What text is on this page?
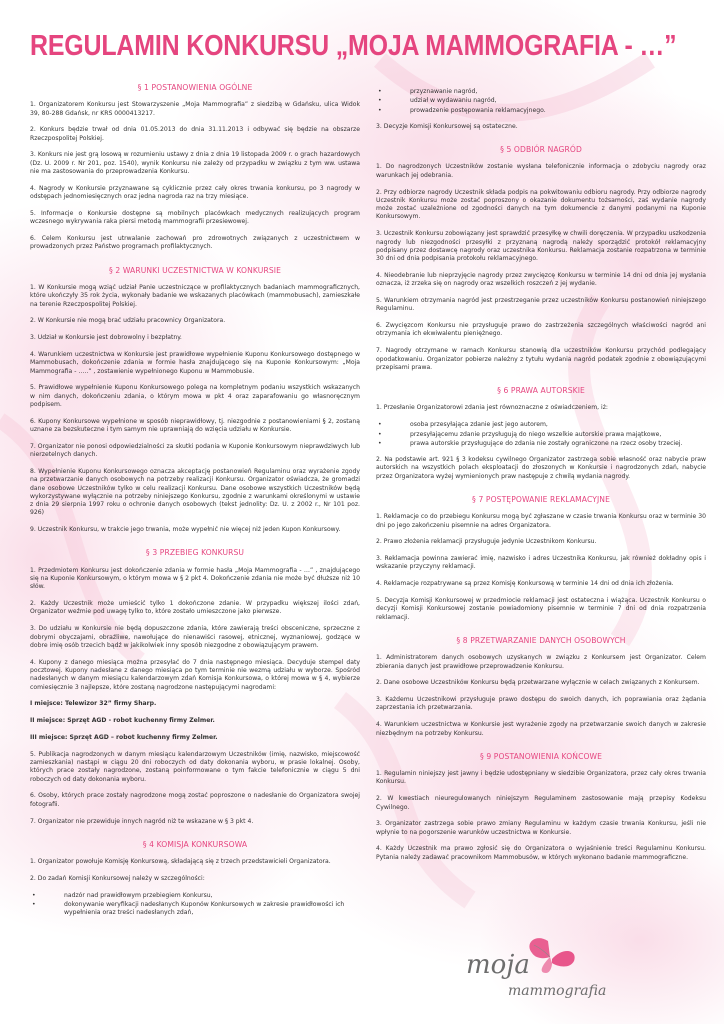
REGULAMIN KONKURSU „MOJA MAMMOGRAFIA - …”
§ 1 POSTANOWIENIA OGÓLNE
1. Organizatorem Konkursu jest Stowarzyszenie „Moja Mammografia” z siedzibą w Gdańsku, ulica Widok 39, 80-288 Gdańsk, nr KRS 0000413217.
2. Konkurs będzie trwał od dnia 01.05.2013 do dnia 31.11.2013 i odbywać się będzie na obszarze Rzeczpospolitej Polskiej.
3. Konkurs nie jest grą losową w rozumieniu ustawy z dnia z dnia 19 listopada 2009 r. o grach hazardowych (Dz. U. 2009 r. Nr 201, poz. 1540), wynik Konkursu nie zależy od przypadku w związku z tym ww. ustawa nie ma zastosowania do przeprowadzenia Konkursu.
4. Nagrody w Konkursie przyznawane są cyklicznie przez cały okres trwania konkursu, po 3 nagrody w odstępach jednomiesięcznych oraz jedna nagroda raz na trzy miesiące.
5. Informacje o Konkursie dostępne są mobilnych placówkach medycznych realizujących program wczesnego wykrywania raka piersi metodą mammografii przesiewowej.
6. Celem Konkursu jest utrwalanie zachowań pro zdrowotnych związanych z uczestnictwem w prowadzonych przez Państwo programach profilaktycznych.
§ 2 WARUNKI UCZESTNICTWA W KONKURSIE
1. W Konkursie mogą wziąć udział Panie uczestniczące w profilaktycznych badaniach mammograficznych, które ukończyły 35 rok życia, wykonały badanie we wskazanych placówkach (mammobusach), zamieszkałe na terenie Rzeczpospolitej Polskiej.
2. W Konkursie nie mogą brać udziału pracownicy Organizatora.
3. Udział w Konkursie jest dobrowolny i bezpłatny.
4. Warunkiem uczestnictwa w Konkursie jest prawidłowe wypełnienie Kuponu Konkursowego dostępnego w Mammobusach, dokończenie zdania w formie hasła znajdującego się na Kuponie Konkursowym: „Moja Mammografia - …..” , zostawienie wypełnionego Kuponu w Mammobusie.
5. Prawidłowe wypełnienie Kuponu Konkursowego polega na kompletnym podaniu wszystkich wskazanych w nim danych, dokończeniu zdania, o którym mowa w pkt 4 oraz zaparafowaniu go własnoręcznym podpisem.
6. Kupony Konkursowe wypełnione w sposób nieprawidłowy, tj. niezgodnie z postanowieniami § 2, zostaną uznane za bezskuteczne i tym samym nie uprawniają do wzięcia udziału w Konkursie.
7. Organizator nie ponosi odpowiedzialności za skutki podania w Kuponie Konkursowym nieprawdziwych lub nierzetelnych danych.
8. Wypełnienie Kuponu Konkursowego oznacza akceptację postanowień Regulaminu oraz wyrażenie zgody na przetwarzanie danych osobowych na potrzeby realizacji Konkursu. Organizator oświadcza, że gromadzi dane osobowe Uczestników tylko w celu realizacji Konkursu. Dane osobowe wszystkich Uczestników będą wykorzystywane wyłącznie na potrzeby niniejszego Konkursu, zgodnie z warunkami określonymi w ustawie z dnia 29 sierpnia 1997 roku o ochronie danych osobowych (tekst jednolity: Dz. U. z 2002 r., Nr 101 poz. 926)
9. Uczestnik Konkursu, w trakcie jego trwania, może wypełnić nie więcej niż jeden Kupon Konkursowy.
§ 3 PRZEBIEG KONKURSU
1. Przedmiotem Konkursu jest dokończenie zdania w formie hasła „Moja Mammografia - …” , znajdującego się na Kuponie Konkursowym, o którym mowa w § 2 pkt 4. Dokończenie zdania nie może być dłuższe niż 10 słów.
2. Każdy Uczestnik może umieścić tylko 1 dokończone zdanie. W przypadku większej ilości zdań, Organizator weźmie pod uwagę tylko to, które zostało umieszczone jako pierwsze.
3. Do udziału w Konkursie nie będą dopuszczone zdania, które zawierają treści obsceniczne, sprzeczne z dobrymi obyczajami, obraźliwe, nawołujące do nienawiści rasowej, etnicznej, wyznaniowej, godzące w dobre imię osób trzecich bądź w jakikolwiek inny sposób niezgodne z obowiązującym prawem.
4. Kupony z danego miesiąca można przesyłać do 7 dnia następnego miesiąca. Decyduje stempel daty pocztowej. Kupony nadesłane z danego miesiąca po tym terminie nie wezmą udziału w wyborze. Spośród nadesłanych w danym miesiącu kalendarzowym zdań Komisja Konkursowa, o której mowa w § 4, wybierze comiesięcznie 3 najlepsze, które zostaną nagrodzone następującymi nagrodami:
I miejsce: Telewizor 32” firmy Sharp.
II miejsce: Sprzęt AGD - robot kuchenny firmy Zelmer.
III miejsce: Sprzęt AGD – robot kuchenny firmy Zelmer.
5. Publikacja nagrodzonych w danym miesiącu kalendarzowym Uczestników (imię, nazwisko, miejscowość zamieszkania) nastąpi w ciągu 20 dni roboczych od daty dokonania wyboru, w prasie lokalnej. Osoby, których prace zostały nagrodzone, zostaną poinformowane o tym fakcie telefonicznie w ciągu 5 dni roboczych od daty dokonania wyboru.
6. Osoby, których prace zostały nagrodzone mogą zostać poproszone o nadesłanie do Organizatora swojej fotografii.
7. Organizator nie przewiduje innych nagród niż te wskazane w § 3 pkt 4.
§ 4 KOMISJA KONKURSOWA
1. Organizator powołuje Komisję Konkursową, składającą się z trzech przedstawicieli Organizatora.
2. Do zadań Komisji Konkursowej należy w szczególności:
• nadzór nad prawidłowym przebiegiem Konkursu,
• dokonywanie weryfikacji nadesłanych Kuponów Konkursowych w zakresie prawidłowości ich wypełnienia oraz treści nadesłanych zdań,
• przyznawanie nagród,
• udział w wydawaniu nagród,
• prowadzenie postępowania reklamacyjnego.
3. Decyzje Komisji Konkursowej są ostateczne.
§ 5 ODBIÓR NAGRÓD
1. Do nagrodzonych Uczestników zostanie wysłana telefonicznie informacja o zdobyciu nagrody oraz warunkach jej odebrania.
2. Przy odbiorze nagrody Uczestnik składa podpis na pokwitowaniu odbioru nagrody. Przy odbiorze nagrody Uczestnik Konkursu może zostać poproszony o okazanie dokumentu tożsamości, zaś wydanie nagrody może zostać uzależnione od zgodności danych na tym dokumencie z danymi podanymi na Kuponie Konkursowym.
3. Uczestnik Konkursu zobowiązany jest sprawdzić przesyłkę w chwili doręczenia. W przypadku uszkodzenia nagrody lub niezgodności przesyłki z przyznaną nagrodą należy sporządzić protokół reklamacyjny podpisany przez dostawcę nagrody oraz uczestnika Konkursu. Reklamacja zostanie rozpatrzona w terminie 30 dni od dnia podpisania protokołu reklamacyjnego.
4. Nieodebranie lub nieprzyjęcie nagrody przez zwycięzcę Konkursu w terminie 14 dni od dnia jej wysłania oznacza, iż zrzeka się on nagrody oraz wszelkich roszczeń z jej wydanie.
5. Warunkiem otrzymania nagród jest przestrzeganie przez uczestników Konkursu postanowień niniejszego Regulaminu.
6. Zwycięzcom Konkursu nie przysługuje prawo do zastrzeżenia szczególnych właściwości nagród ani otrzymania ich ekwiwalentu pieniężnego.
7. Nagrody otrzymane w ramach Konkursu stanowią dla uczestników Konkursu przychód podlegający opodatkowaniu. Organizator pobierze należny z tytułu wydania nagród podatek zgodnie z obowiązującymi przepisami prawa.
§ 6 PRAWA AUTORSKIE
1. Przesłanie Organizatorowi zdania jest równoznaczne z oświadczeniem, iż:
• osoba przesyłająca zdanie jest jego autorem,
• przesyłającemu zdanie przysługują do niego wszelkie autorskie prawa majątkowe,
• prawa autorskie przysługujące do zdania nie zostały ograniczone na rzecz osoby trzeciej.
2. Na podstawie art. 921 § 3 kodeksu cywilnego Organizator zastrzega sobie własność oraz nabycie praw autorskich na wszystkich polach eksploatacji do złoszonych w Konkursie i nagrodzonych zdań, nabycie przez Organizatora wyżej wymienionych praw następuje z chwilą wydania nagrody.
§ 7 POSTĘPOWANIE REKLAMACYJNE
1. Reklamacje co do przebiegu Konkursu mogą być zgłaszane w czasie trwania Konkursu oraz w terminie 30 dni po jego zakończeniu pisemnie na adres Organizatora.
2. Prawo złożenia reklamacji przysługuje jedynie Uczestnikom Konkursu.
3. Reklamacja powinna zawierać imię, nazwisko i adres Uczestnika Konkursu, jak również dokładny opis i wskazanie przyczyny reklamacji.
4. Reklamacje rozpatrywane są przez Komisję Konkursową w terminie 14 dni od dnia ich złożenia.
5. Decyzja Komisji Konkursowej w przedmiocie reklamacji jest ostateczna i wiążąca. Uczestnik Konkursu o decyzji Komisji Konkursowej zostanie powiadomiony pisemnie w terminie 7 dni od dnia rozpatrzenia reklamacji.
§ 8 PRZETWARZANIE DANYCH OSOBOWYCH
1. Administratorem danych osobowych uzyskanych w związku z Konkursem jest Organizator. Celem zbierania danych jest prawidłowe przeprowadzenie Konkursu.
2. Dane osobowe Uczestników Konkursu będą przetwarzane wyłącznie w celach związanych z Konkursem.
3. Każdemu Uczestnikowi przysługuje prawo dostępu do swoich danych, ich poprawiania oraz żądania zaprzestania ich przetwarzania.
4. Warunkiem uczestnictwa w Konkursie jest wyrażenie zgody na przetwarzanie swoich danych w zakresie niezbędnym na potrzeby Konkursu.
§ 9 POSTANOWIENIA KOŃCOWE
1. Regulamin niniejszy jest jawny i będzie udostępniany w siedzibie Organizatora, przez cały okres trwania Konkursu.
2. W kwestiach nieuregulowanych niniejszym Regulaminem zastosowanie mają przepisy Kodeksu Cywilnego.
3. Organizator zastrzega sobie prawo zmiany Regulaminu w każdym czasie trwania Konkursu, jeśli nie wpłynie to na pogorszenie warunków uczestnictwa w Konkursie.
4. Każdy Uczestnik ma prawo zgłosić się do Organizatora o wyjaśnienie treści Regulaminu Konkursu. Pytania należy zadawać pracownikom Mammobusów, w których wykonano badanie mammograficzne.
moja
mammografia
